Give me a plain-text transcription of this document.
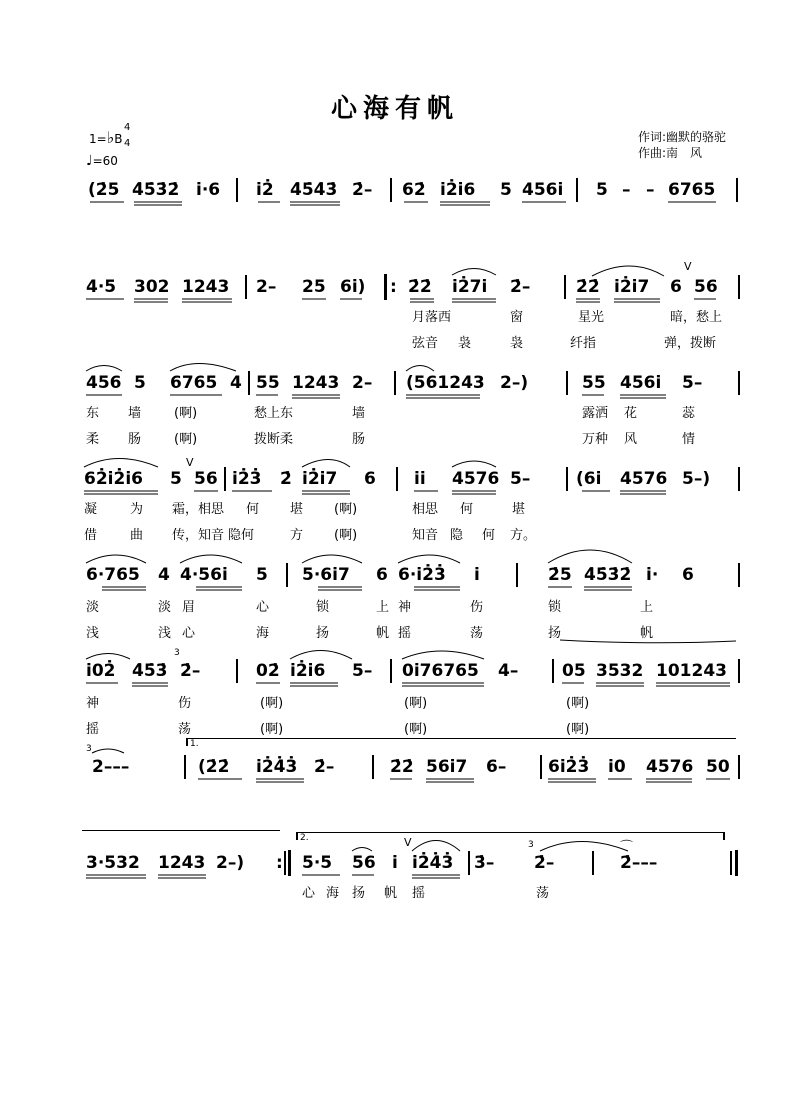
心海有帆
1=♭B
4
4
♩=60
作词:幽默的骆驼
作曲:南　风
(2̇5 4̇5̇3̇2̇ i·6 i2̇ 4̇5̇4̇3̇ 2̇– 62̇ i2̇i6 5 456i 5 – – 6765
4·5 302 1243 2– 25 6i) : 2̇2̇ i2̇7i 2̇–	2̇2̇ i2̇i7 6 56
月落西	窗	星光	暗，愁上
弦音 袅	袅	纤指	弹，拨断
456 5 6765 4 55 1243 2– (561243 2–)	55 456i 5–
东 墙	(啊)	愁上东	墙	露洒 花	蕊
柔 肠	(啊)	拨断柔	肠	万种 风	情
62̇i2̇i6 5 56 i2̇3̇ 2̇ i2̇i7 6 ii 4576 5–	(6i 4576 5–)
凝	为 霜，相思 何 堪 (啊)	相思 何	堪
借	曲 传，知音 隐何	方 (啊)	知音 隐 何 方。
6·765 4 4·56i 5 5·6i7 6 6·i2̇3̇ i	2̇5 4̇5̇3̇2̇ i· 6
淡	淡 眉	心	锁	上 神	伤	锁	上
浅	浅 心	海	扬	帆 摇	荡	扬	帆
i02̇ 4̇5̇3̇
3
2̇–	02̇ i2̇i6 5– 0i76765 4–	05 3532 101243
神	伤	(啊)	(啊)	(啊)
摇	荡	(啊)	(啊)	(啊)
3
2–––
1.
(2̇2̇ i2̇4̇3̇ 2̇–	2̇2̇ 56i7 6– 6i2̇3̇ i0 4576 50
3·532 1243 2–) :
2.
5·5 56
V
i i2̇4̇3̇ 3̇–
3
2̇–	2̇–––
⌒
心 海 扬 帆 摇	荡
V
V
